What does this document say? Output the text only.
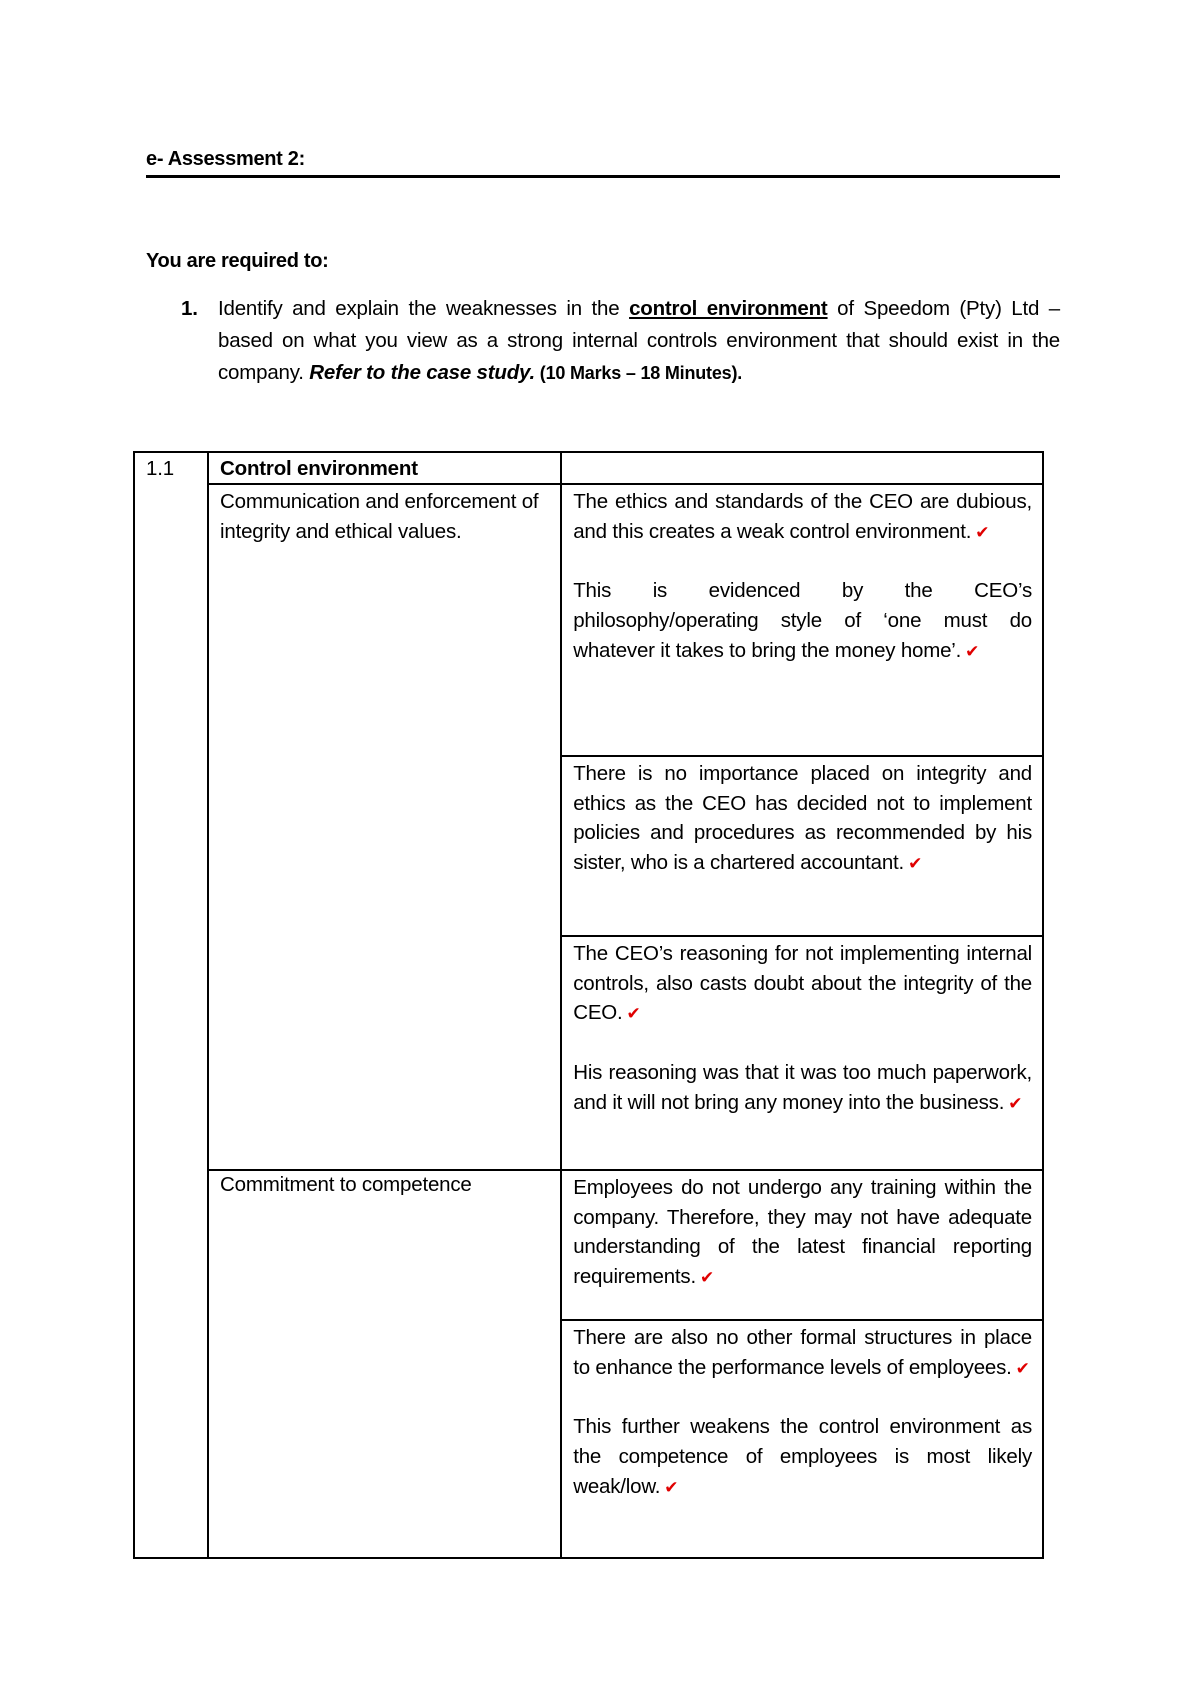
e- Assessment 2:
You are required to:
1. Identify and explain the weaknesses in the control environment of Speedom (Pty) Ltd – based on what you view as a strong internal controls environment that should exist in the company. Refer to the case study. (10 Marks – 18 Minutes).
1.1	Control environment	
	Communication and enforcement of integrity and ethical values.	The ethics and standards of the CEO are dubious, and this creates a weak control environment. ✔

This is evidenced by the CEO’s philosophy/operating style of ‘one must do whatever it takes to bring the money home’. ✔

		There is no importance placed on integrity and ethics as the CEO has decided not to implement policies and procedures as recommended by his sister, who is a chartered accountant. ✔

		The CEO’s reasoning for not implementing internal controls, also casts doubt about the integrity of the CEO. ✔

His reasoning was that it was too much paperwork, and it will not bring any money into the business. ✔

	Commitment to competence	Employees do not undergo any training within the company. Therefore, they may not have adequate understanding of the latest financial reporting requirements. ✔

		There are also no other formal structures in place to enhance the performance levels of employees. ✔

This further weakens the control environment as the competence of employees is most likely weak/low. ✔
